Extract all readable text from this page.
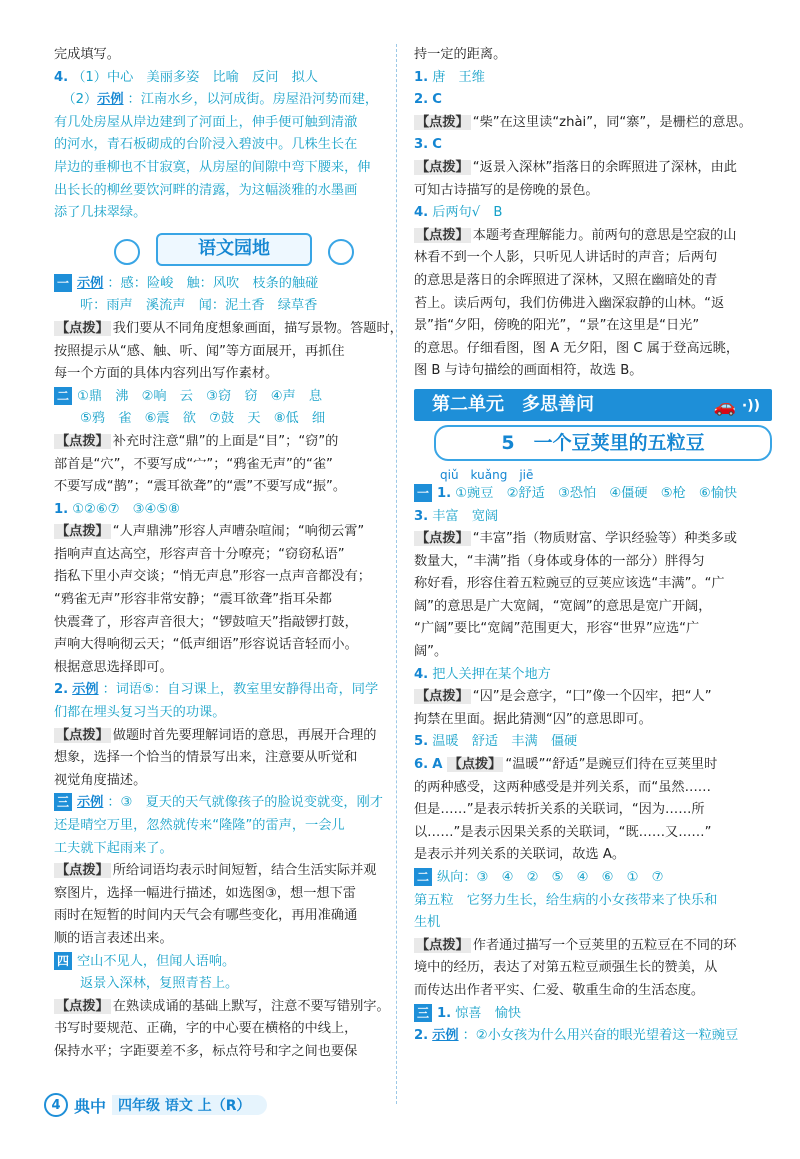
完成填写。
4. （1）中心　美丽多姿　比喻　反问　拟人
（2）示例 ：江南水乡，以河成街。房屋沿河势而建，
有几处房屋从岸边建到了河面上，伸手便可触到清澈
的河水，青石板砌成的台阶浸入碧波中。几株生长在
岸边的垂柳也不甘寂寞，从房屋的间隙中弯下腰来，伸
出长长的柳丝要饮河畔的清露，为这幅淡雅的水墨画
添了几抹翠绿。
语文园地
一 示例 ：感：险峻　触：风吹　枝条的触碰
听：雨声　溪流声　闻：泥土香　绿草香
【点拨】 我们要从不同角度想象画面，描写景物。答题时，
按照提示从“感、触、听、闻”等方面展开，再抓住
每一个方面的具体内容列出写作素材。
二 ①鼎　沸　②响　云　③窃　窃　④声　息
⑤鸦　雀　⑥震　欲　⑦鼓　天　⑧低　细
【点拨】 补充时注意“鼎”的上面是“目”；“窃”的
部首是“穴”，不要写成“宀”；“鸦雀无声”的“雀”
不要写成“鹊”；“震耳欲聋”的“震”不要写成“振”。
1. ①②⑥⑦　③④⑤⑧
【点拨】 “人声鼎沸”形容人声嘈杂喧闹；“响彻云霄”
指响声直达高空，形容声音十分嘹亮；“窃窃私语”
指私下里小声交谈；“悄无声息”形容一点声音都没有；
“鸦雀无声”形容非常安静；“震耳欲聋”指耳朵都
快震聋了，形容声音很大；“锣鼓喧天”指敲锣打鼓，
声响大得响彻云天；“低声细语”形容说话音轻而小。
根据意思选择即可。
2. 示例 ：词语⑤：自习课上，教室里安静得出奇，同学
们都在埋头复习当天的功课。
【点拨】 做题时首先要理解词语的意思，再展开合理的
想象，选择一个恰当的情景写出来，注意要从听觉和
视觉角度描述。
三 示例 ：③　夏天的天气就像孩子的脸说变就变，刚才
还是晴空万里，忽然就传来“隆隆”的雷声，一会儿
工夫就下起雨来了。
【点拨】 所给词语均表示时间短暂，结合生活实际并观
察图片，选择一幅进行描述，如选图③，想一想下雷
雨时在短暂的时间内天气会有哪些变化，再用准确通
顺的语言表述出来。
四 空山不见人，但闻人语响。
返景入深林，复照青苔上。
【点拨】 在熟读成诵的基础上默写，注意不要写错别字。
书写时要规范、正确，字的中心要在横格的中线上，
保持水平；字距要差不多，标点符号和字之间也要保
持一定的距离。
1. 唐　王维
2. C
【点拨】 “柴”在这里读“zhài”，同“寨”，是栅栏的意思。
3. C
【点拨】 “返景入深林”指落日的余晖照进了深林，由此
可知古诗描写的是傍晚的景色。
4. 后两句√　B
【点拨】 本题考查理解能力。前两句的意思是空寂的山
林看不到一个人影，只听见人讲话时的声音；后两句
的意思是落日的余晖照进了深林，又照在幽暗处的青
苔上。读后两句，我们仿佛进入幽深寂静的山林。“返
景”指“夕阳，傍晚的阳光”，“景”在这里是“日光”
的意思。仔细看图，图 A 无夕阳，图 C 属于登高远眺，
图 B 与诗句描绘的画面相符，故选 B。
第二单元　多思善问	🚗 ·))
5　一个豆荚里的五粒豆
qiǔ　kuǎng　jiē
一 1. ①豌豆　②舒适　③恐怕　④僵硬　⑤枪　⑥愉快
3. 丰富　宽阔
【点拨】 “丰富”指（物质财富、学识经验等）种类多或
数量大，“丰满”指（身体或身体的一部分）胖得匀
称好看，形容住着五粒豌豆的豆荚应该选“丰满”。“广
阔”的意思是广大宽阔，“宽阔”的意思是宽广开阔，
“广阔”要比“宽阔”范围更大，形容“世界”应选“广
阔”。
4. 把人关押在某个地方
【点拨】 “囚”是会意字，“囗”像一个囚牢，把“人”
拘禁在里面。据此猜测“囚”的意思即可。
5. 温暖　舒适　丰满　僵硬
6. A 【点拨】 “温暖”“舒适”是豌豆们待在豆荚里时
的两种感受，这两种感受是并列关系，而“虽然……
但是……”是表示转折关系的关联词，“因为……所
以……”是表示因果关系的关联词，“既……又……”
是表示并列关系的关联词，故选 A。
二 纵向：③　④　②　⑤　④　⑥　①　⑦
第五粒　它努力生长，给生病的小女孩带来了快乐和
生机
【点拨】 作者通过描写一个豆荚里的五粒豆在不同的环
境中的经历，表达了对第五粒豆顽强生长的赞美，从
而传达出作者平实、仁爱、敬重生命的生活态度。
三 1. 惊喜　愉快
2. 示例 ：②小女孩为什么用兴奋的眼光望着这一粒豌豆
4 典中 四年级 语文 上（R）
